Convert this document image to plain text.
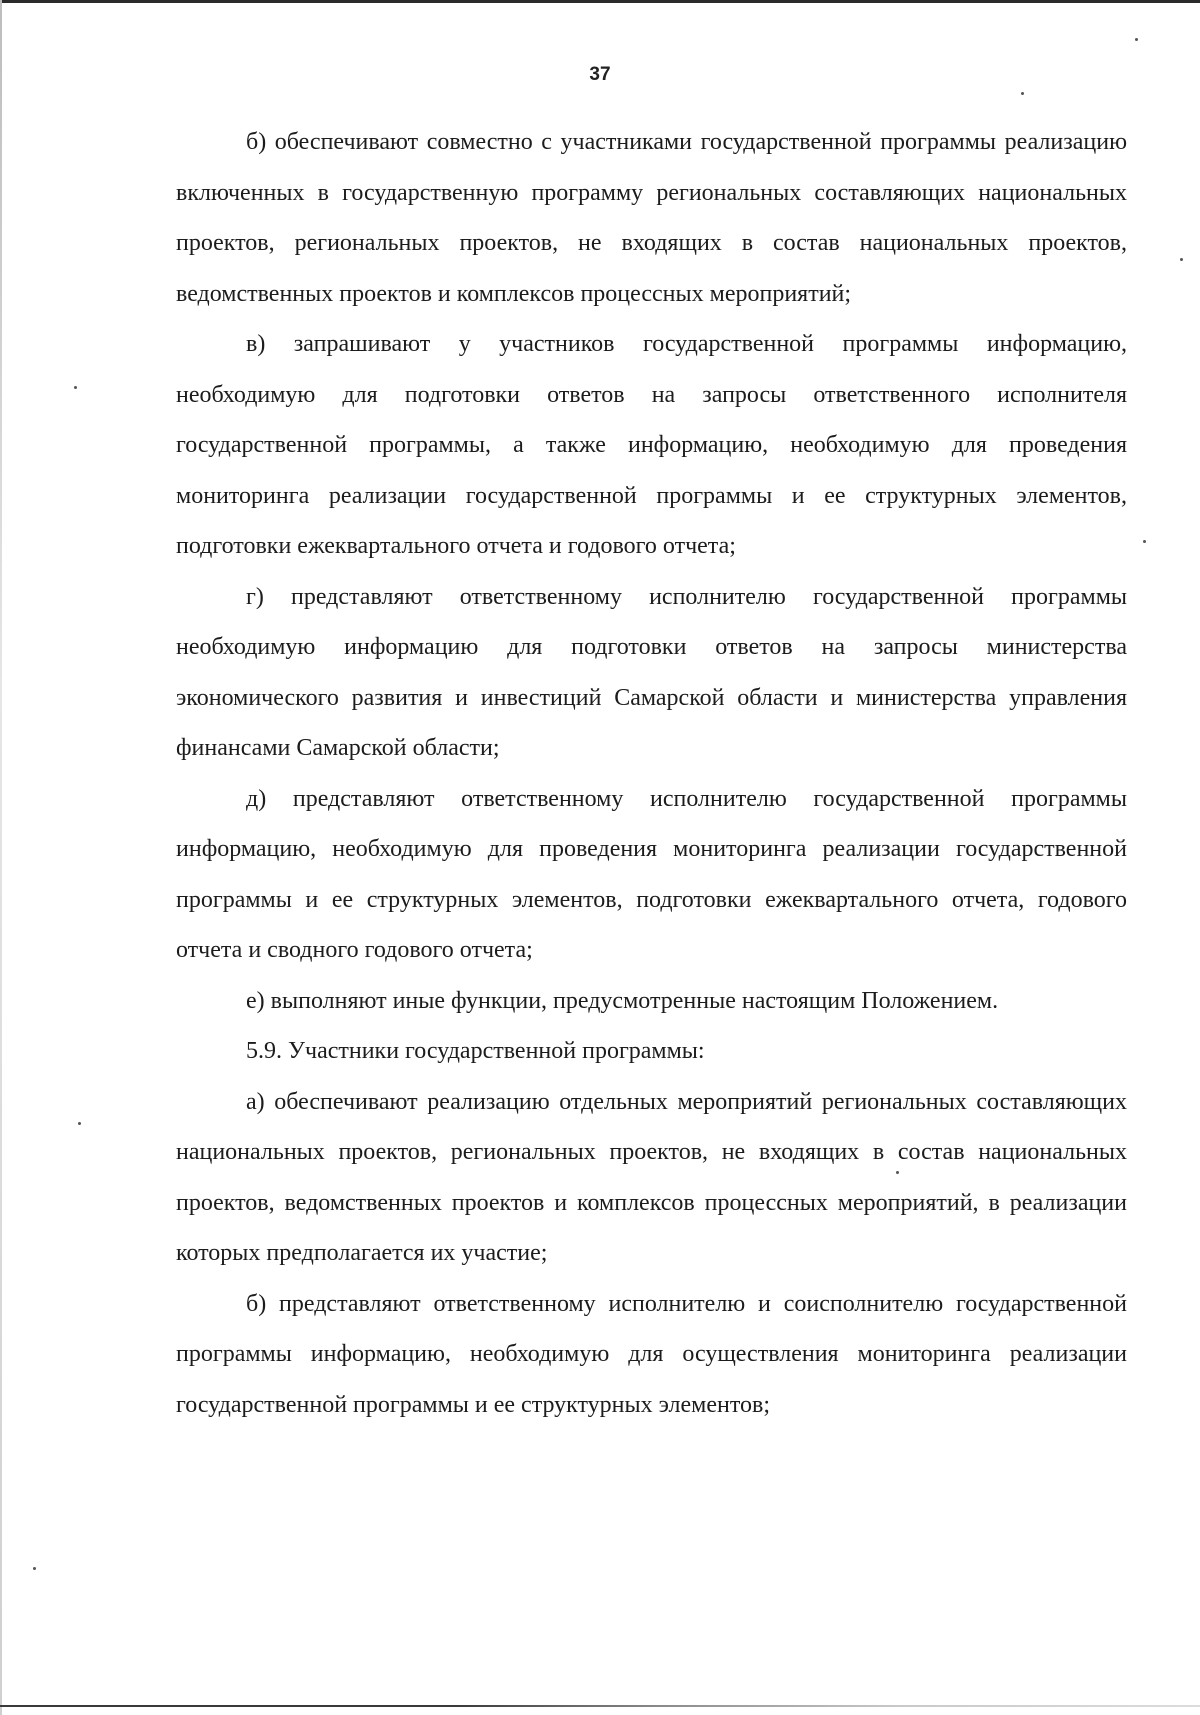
37

б) обеспечивают совместно с участниками государственной программы реализацию включенных в государственную программу региональных составляющих национальных проектов, региональных проектов, не входящих в состав национальных проектов, ведомственных проектов и комплексов процессных мероприятий;

в) запрашивают у участников государственной программы информацию, необходимую для подготовки ответов на запросы ответственного исполнителя государственной программы, а также информацию, необходимую для проведения мониторинга реализации государственной программы и ее структурных элементов, подготовки ежеквартального отчета и годового отчета;

г) представляют ответственному исполнителю государственной программы необходимую информацию для подготовки ответов на запросы министерства экономического развития и инвестиций Самарской области и министерства управления финансами Самарской области;

д) представляют ответственному исполнителю государственной программы информацию, необходимую для проведения мониторинга реализации государственной программы и ее структурных элементов, подготовки ежеквартального отчета, годового отчета и сводного годового отчета;

е) выполняют иные функции, предусмотренные настоящим Положением.

5.9. Участники государственной программы:

а) обеспечивают реализацию отдельных мероприятий региональных составляющих национальных проектов, региональных проектов, не входящих в состав национальных проектов, ведомственных проектов и комплексов процессных мероприятий, в реализации которых предполагается их участие;

б) представляют ответственному исполнителю и соисполнителю государственной программы информацию, необходимую для осуществления мониторинга реализации государственной программы и ее структурных элементов;
